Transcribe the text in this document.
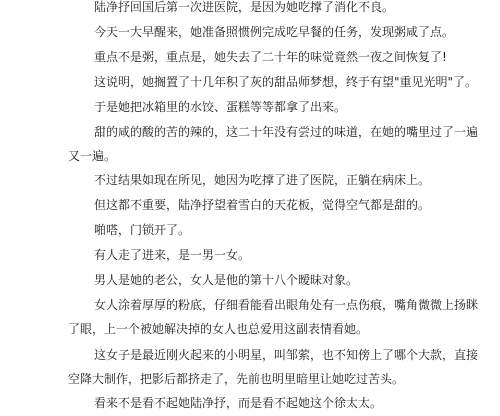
陆净抒回国后第一次进医院，是因为她吃撑了消化不良。
今天一大早醒来，她准备照惯例完成吃早餐的任务，发现粥咸了点。
重点不是粥，重点是，她失去了二十年的味觉竟然一夜之间恢复了!
这说明，她搁置了十几年积了灰的甜品师梦想，终于有望"重见光明"了。
于是她把冰箱里的水饺、蛋糕等等都拿了出来。
甜的咸的酸的苦的辣的，这二十年没有尝过的味道，在她的嘴里过了一遍
又一遍。
不过结果如现在所见，她因为吃撑了进了医院，正躺在病床上。
但这都不重要，陆净抒望着雪白的天花板，觉得空气都是甜的。
啪嗒，门锁开了。
有人走了进来，是一男一女。
男人是她的老公，女人是他的第十八个暧昧对象。
女人涂着厚厚的粉底，仔细看能看出眼角处有一点伤痕，嘴角微微上扬眯
了眼，上一个被她解决掉的女人也总爱用这副表情看她。
这女子是最近刚火起来的小明星，叫邹萦，也不知傍上了哪个大款，直接
空降大制作，把影后都挤走了，先前也明里暗里让她吃过苦头。
看来不是看不起她陆净抒，而是看不起她这个徐太太。
